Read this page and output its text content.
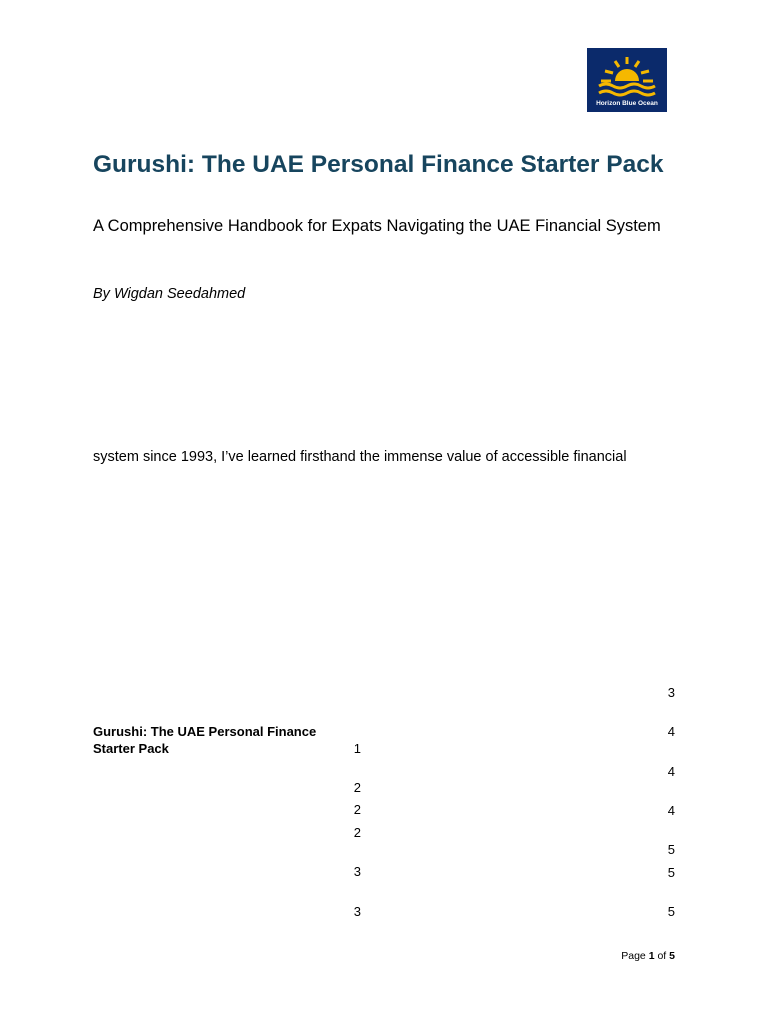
Horizon Blue Ocean
Gurushi: The UAE Personal Finance Starter Pack
A Comprehensive Handbook for Expats Navigating the UAE Financial System
By Wigdan Seedahmed
system since 1993, I’ve learned firsthand the immense value of accessible financial
Gurushi: The UAE Personal Finance Starter Pack	1
2
2
2
3
3
3
4
4
4
5
5
5
Page 1 of 5
